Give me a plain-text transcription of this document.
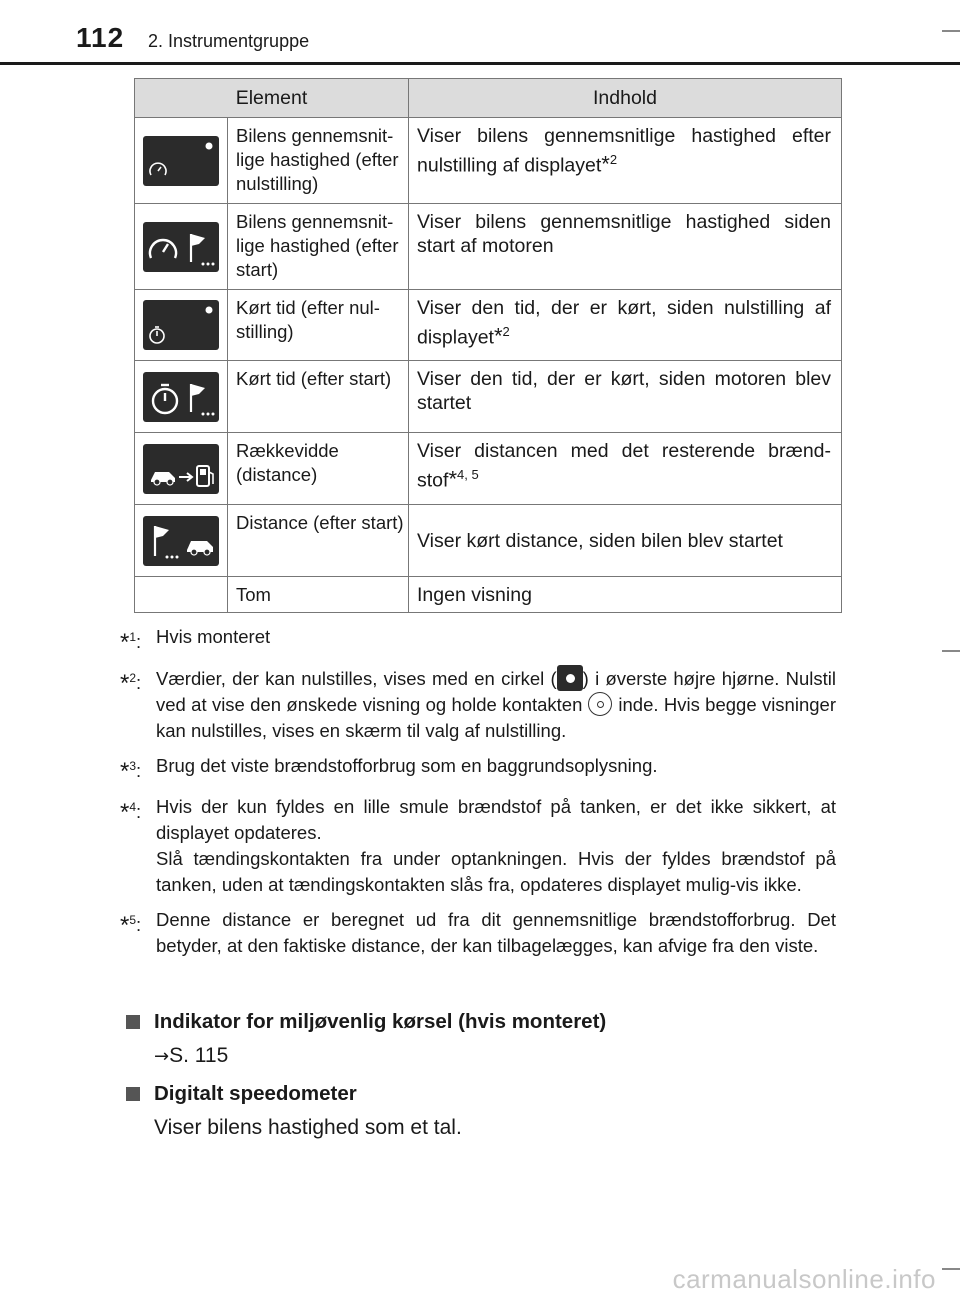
112 2. Instrumentgruppe
Element		Indhold

	Bilens gennemsnit-lige hastighed (efter nulstilling)	Viser bilens gennemsnitlige hastighed efter nulstilling af displayet*$^2$

	Bilens gennemsnit-lige hastighed (efter start)	Viser bilens gennemsnitlige hastighed siden start af motoren

	Kørt tid (efter nul-stilling)	Viser den tid, der er kørt, siden nulstilling af displayet*$^2$

	Kørt tid (efter start)	Viser den tid, der er kørt, siden motoren blev startet

	Rækkevidde (distance)	Viser distancen med det resterende brænd-stof*$^{4, 5}$

	Distance (efter start)	Viser kørt distance, siden bilen blev startet
	Tom	Ingen visning
*$^1$: Hvis monteret

*$^2$: Værdier, der kan nulstilles, vises med en cirkel ( ) i øverste højre hjørne. Nulstil ved at vise den ønskede visning og holde kontakten inde. Hvis begge visninger kan nulstilles, vises en skærm til valg af nulstilling.

*$^3$: Brug det viste brændstofforbrug som en baggrundsoplysning.

*$^4$: Hvis der kun fyldes en lille smule brændstof på tanken, er det ikke sikkert, at displayet opdateres.

Slå tændingskontakten fra under optankningen. Hvis der fyldes brændstof på tanken, uden at tændingskontakten slås fra, opdateres displayet mulig-vis ikke.

*$^5$: Denne distance er beregnet ud fra dit gennemsnitlige brændstofforbrug. Det betyder, at den faktiske distance, der kan tilbagelægges, kan afvige fra den viste.

Indikator for miljøvenlig kørsel (hvis monteret)
→S. 115
Digitalt speedometer
Viser bilens hastighed som et tal.
carmanualsonline.info
